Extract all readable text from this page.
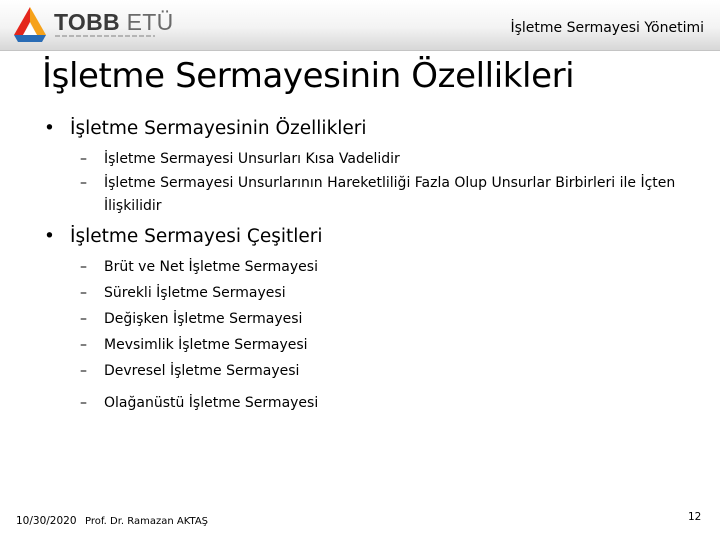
TOBB ETÜ	İşletme Sermayesi Yönetimi
İşletme Sermayesinin Özellikleri
• İşletme Sermayesinin Özellikleri
– İşletme Sermayesi Unsurları Kısa Vadelidir
– İşletme Sermayesi Unsurlarının Hareketliliği Fazla Olup Unsurlar Birbirleri ile İçten İlişkilidir
• İşletme Sermayesi Çeşitleri
– Brüt ve Net İşletme Sermayesi
– Sürekli İşletme Sermayesi
– Değişken İşletme Sermayesi
– Mevsimlik İşletme Sermayesi
– Devresel İşletme Sermayesi
– Olağanüstü İşletme Sermayesi
10/30/2020 Prof. Dr. Ramazan AKTAŞ	12
